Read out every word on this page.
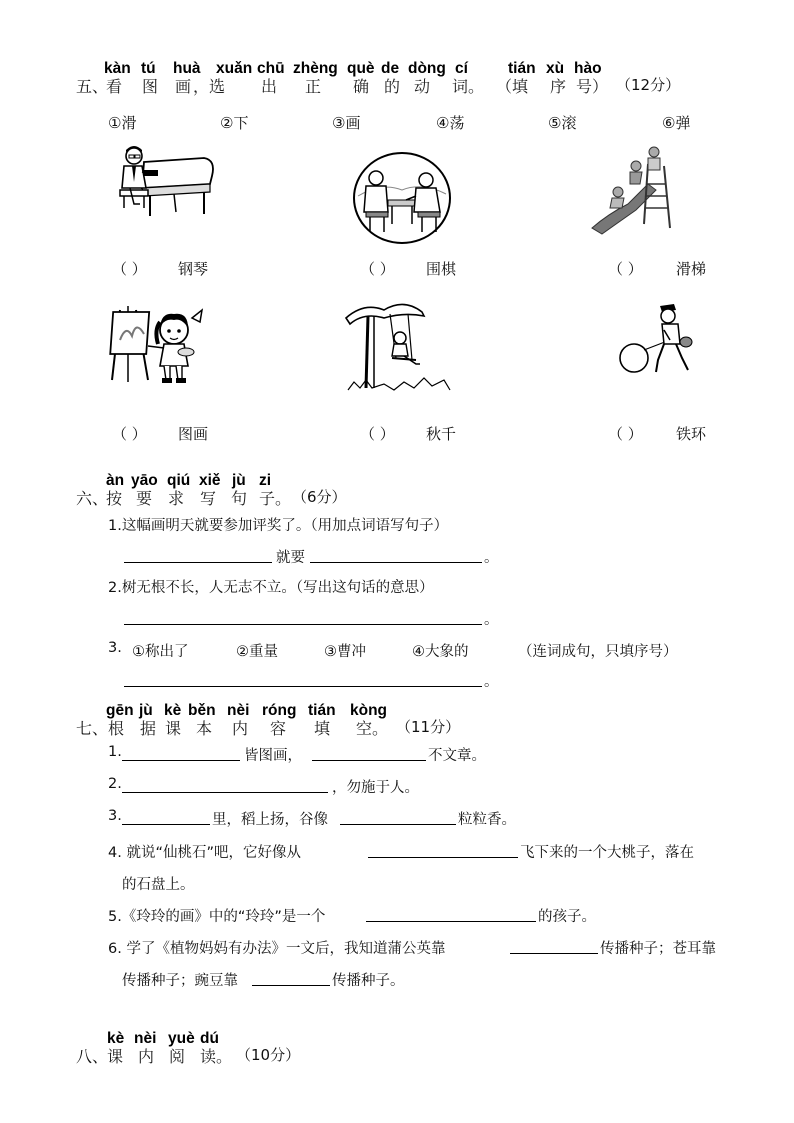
五、
kàn tú huà xuǎn chū zhèng què de dòng cí	tián xù hào
看 图 画 ，选 出 正 确 的 动 词。 （填 序 号） （12分）
①滑	②下	③画	④荡	⑤滚	⑥弹
（ ） 钢琴	（ ） 围棋	（ ） 滑梯
（ ） 图画	（ ） 秋千	（ ） 铁环
六、
àn yāo qiú xiě jù zi
按 要 求 写 句 子。 （6分）
1.这幅画明天就要参加评奖了。（用加点词语写句子）
就要	。
2.树无根不长，人无志不立。（写出这句话的意思）
。
3. ①称出了	②重量	③曹冲	④大象的	（连词成句，只填序号）
。
七、
gēn jù kè běn nèi róng tián kòng
根 据 课 本 内 容 填 空。 （11分）
1.	皆图画，	不文章。
2.	，勿施于人。
3.	里，稻上扬，谷像	粒粒香。
4. 就说“仙桃石”吧，它好像从	飞下来的一个大桃子，落在
的石盘上。
5.《玲玲的画》中的“玲玲”是一个	的孩子。
6. 学了《植物妈妈有办法》一文后，我知道蒲公英靠	传播种子；苍耳靠
传播种子；豌豆靠	传播种子。
八、
kè nèi yuè dú
课 内 阅 读。 （10分）
